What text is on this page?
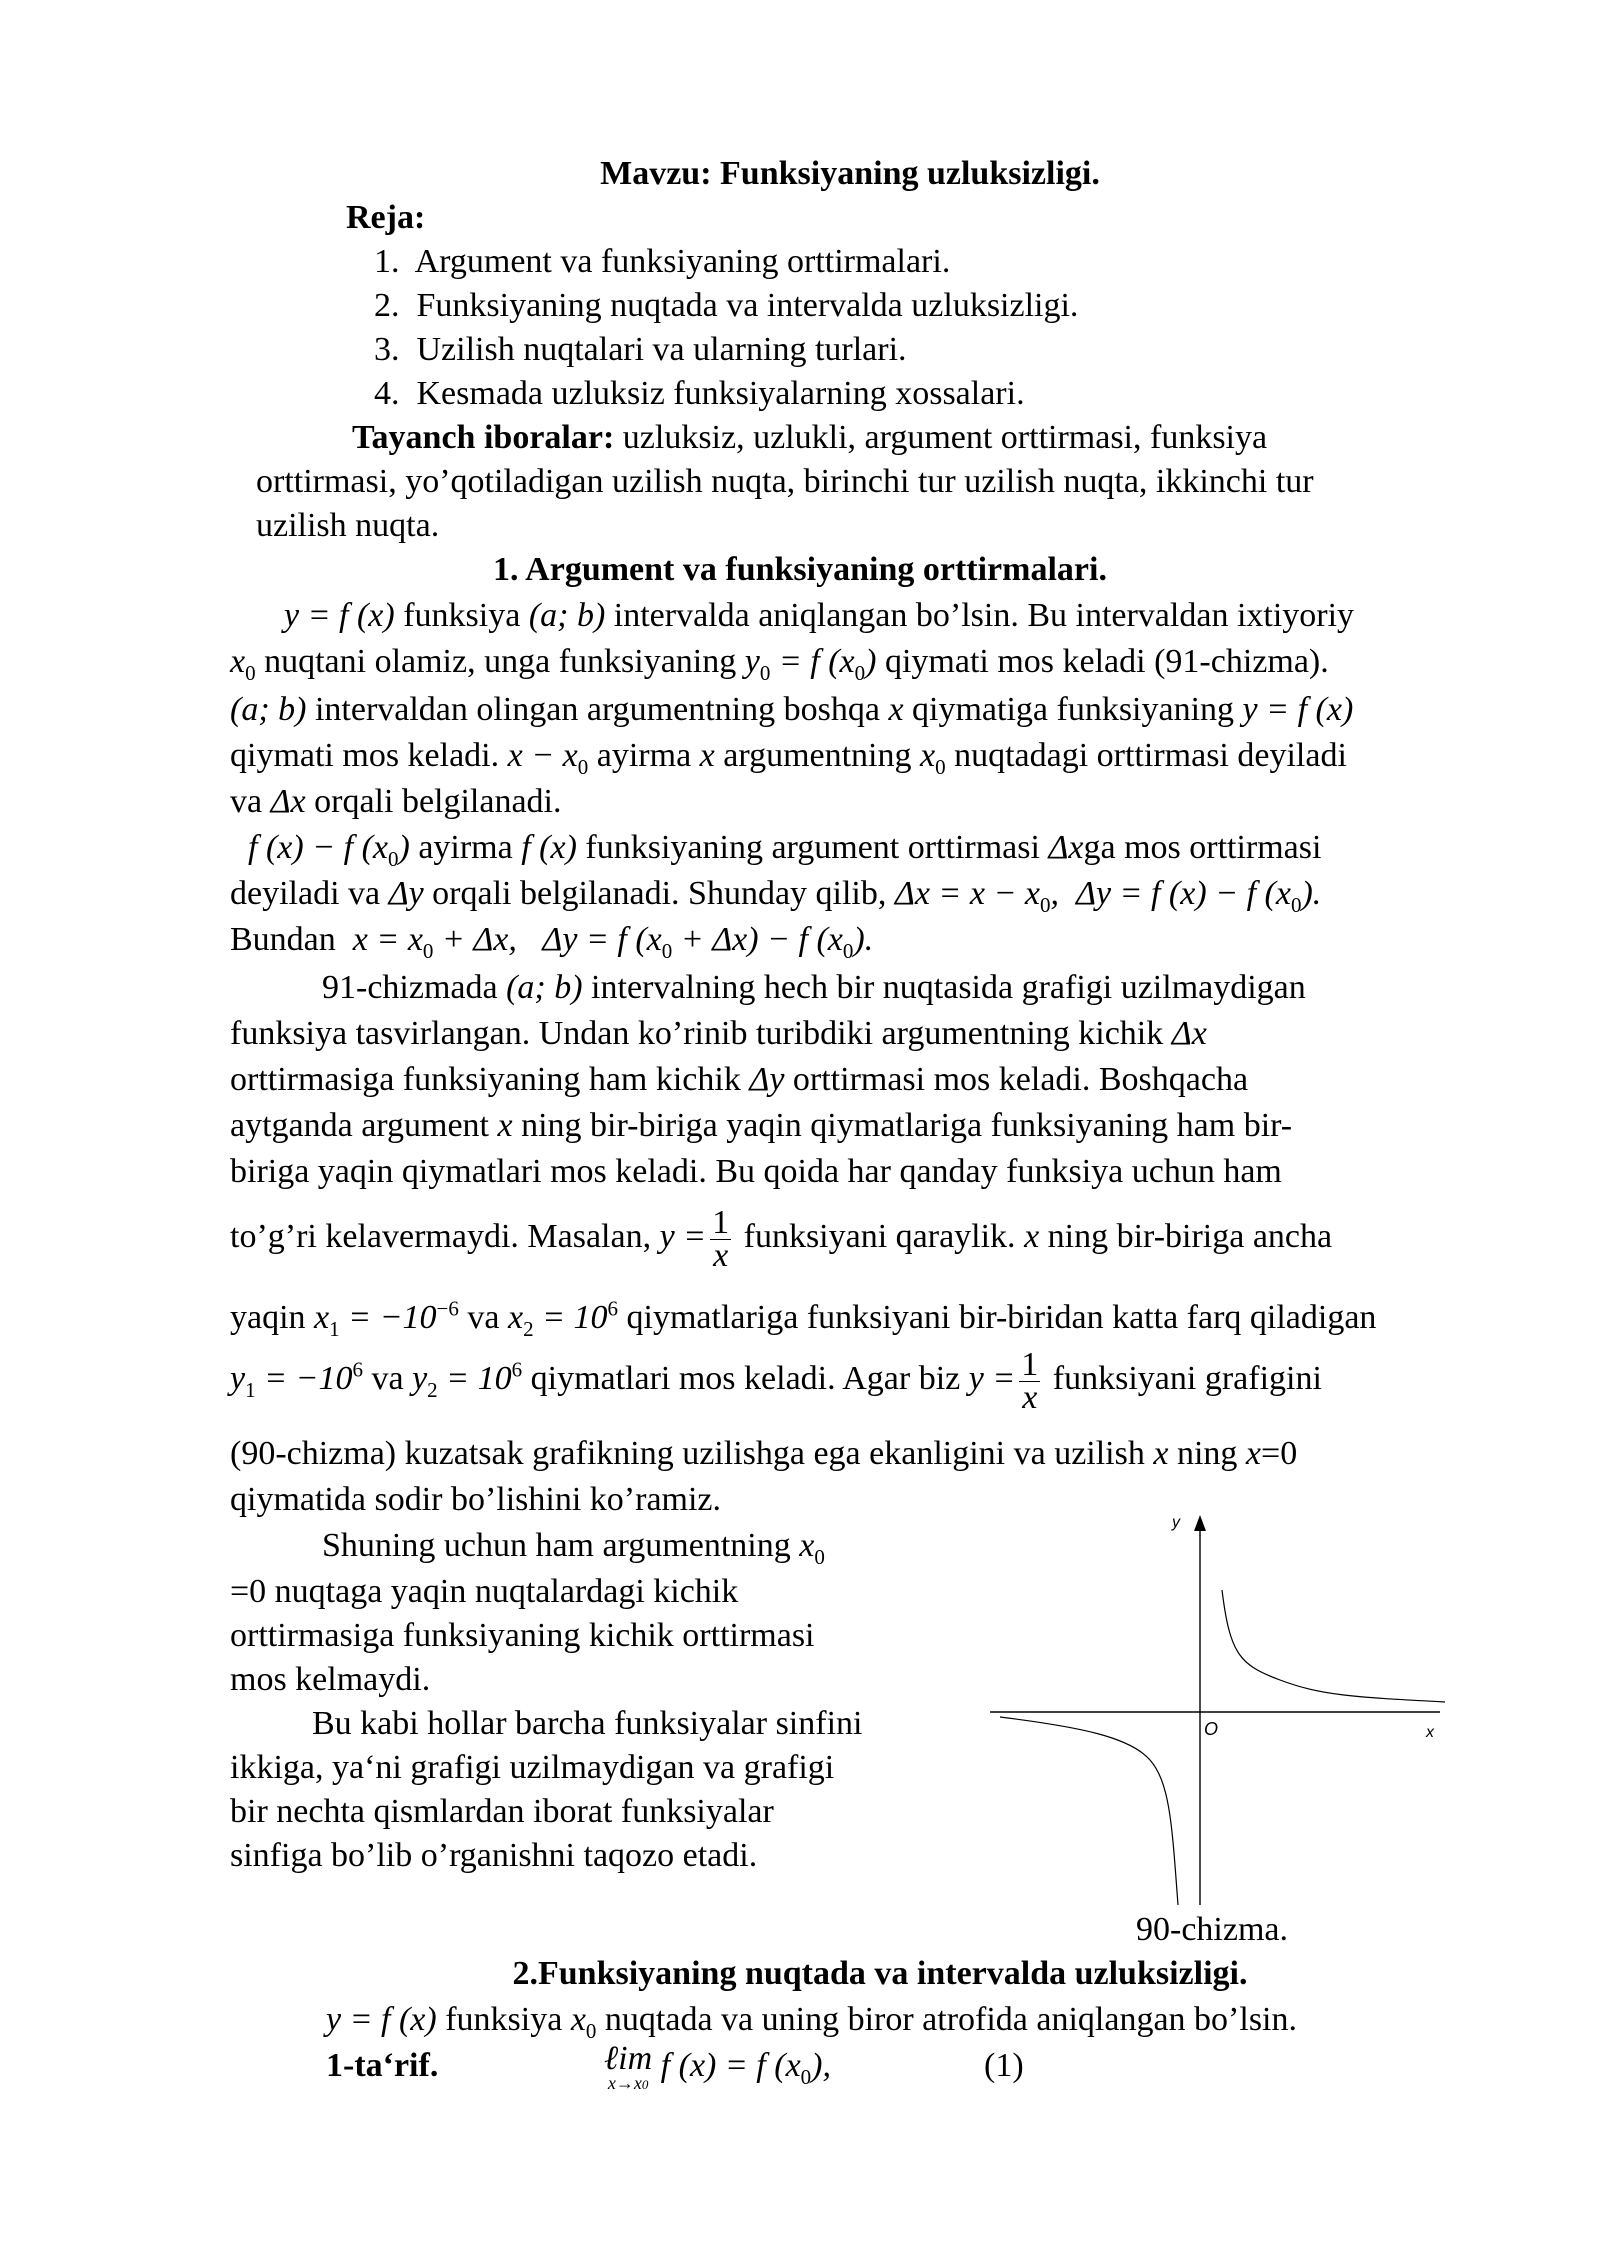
Mavzu: Funksiyaning uzluksizligi.
Reja:
1.  Argument va funksiyaning orttirmalari.
2.  Funksiyaning nuqtada va intervalda uzluksizligi.
3.  Uzilish nuqtalari va ularning turlari.
4.  Kesmada uzluksiz funksiyalarning xossalari.
Tayanch iboralar: uzluksiz, uzlukli, argument orttirmasi, funksiya
orttirmasi, yo’qotiladigan uzilish nuqta, birinchi tur uzilish nuqta, ikkinchi tur
uzilish nuqta.
1. Argument va funksiyaning orttirmalari.
y = f (x) funksiya (a; b) intervalda aniqlangan bo’lsin. Bu intervaldan ixtiyoriy
$x_0$ nuqtani olamiz, unga funksiyaning $y_0 = f$ $(x_0)$ qiymati mos keladi (91-chizma).
(a; b) intervaldan olingan argumentning boshqa x qiymatiga funksiyaning y = f (x)
qiymati mos keladi. $x - x_0$ ayirma x argumentning $x_0$ nuqtadagi orttirmasi deyiladi
va Δx orqali belgilanadi.
f (x) − f $(x_0)$ ayirma f (x) funksiyaning argument orttirmasi Δxga mos orttirmasi
deyiladi va Δy orqali belgilanadi. Shunday qilib, $\Delta x = x - x_0$,  Δy = f (x) − f $(x_0)$.
Bundan  $x = x_0 + \Delta x$,   Δy = f $(x_0 + \Delta x) - f$ $(x_0)$.
91-chizmada (a; b) intervalning hech bir nuqtasida grafigi uzilmaydigan
funksiya tasvirlangan. Undan ko’rinib turibdiki argumentning kichik Δx
orttirmasiga funksiyaning ham kichik Δy orttirmasi mos keladi. Boshqacha
aytganda argument x ning bir-biriga yaqin qiymatlariga funksiyaning ham bir-
biriga yaqin qiymatlari mos keladi. Bu qoida har qanday funksiya uchun ham
to’g’ri kelavermaydi. Masalan, $y = \frac{1}{x}$ funksiyani qaraylik. x ning bir-biriga ancha
yaqin $x_1 = -10^{-6}$ va $x_2 = 10^6$ qiymatlariga funksiyani bir-biridan katta farq qiladigan
$y_1 = -10^6$ va $y_2 = 10^6$ qiymatlari mos keladi. Agar biz $y = \frac{1}{x}$ funksiyani grafigini
(90-chizma) kuzatsak grafikning uzilishga ega ekanligini va uzilish x ning x=0
qiymatida sodir bo’lishini ko’ramiz.
Shuning uchun ham argumentning $x_0$
=0 nuqtaga yaqin nuqtalardagi kichik
orttirmasiga funksiyaning kichik orttirmasi
mos kelmaydi.
Bu kabi hollar barcha funksiyalar sinfini
ikkiga, ya‘ni grafigi uzilmaydigan va grafigi
bir nechta qismlardan iborat funksiyalar
sinfiga bo’lib o’rganishni taqozo etadi.
y
O	x
90-chizma.
2.Funksiyaning nuqtada va intervalda uzluksizligi.
y = f (x) funksiya $x_0$ nuqtada va uning biror atrofida aniqlangan bo’lsin.
1-ta‘rif.	ℓim
x→x0
f (x) = f $(x_0)$,	(1)
